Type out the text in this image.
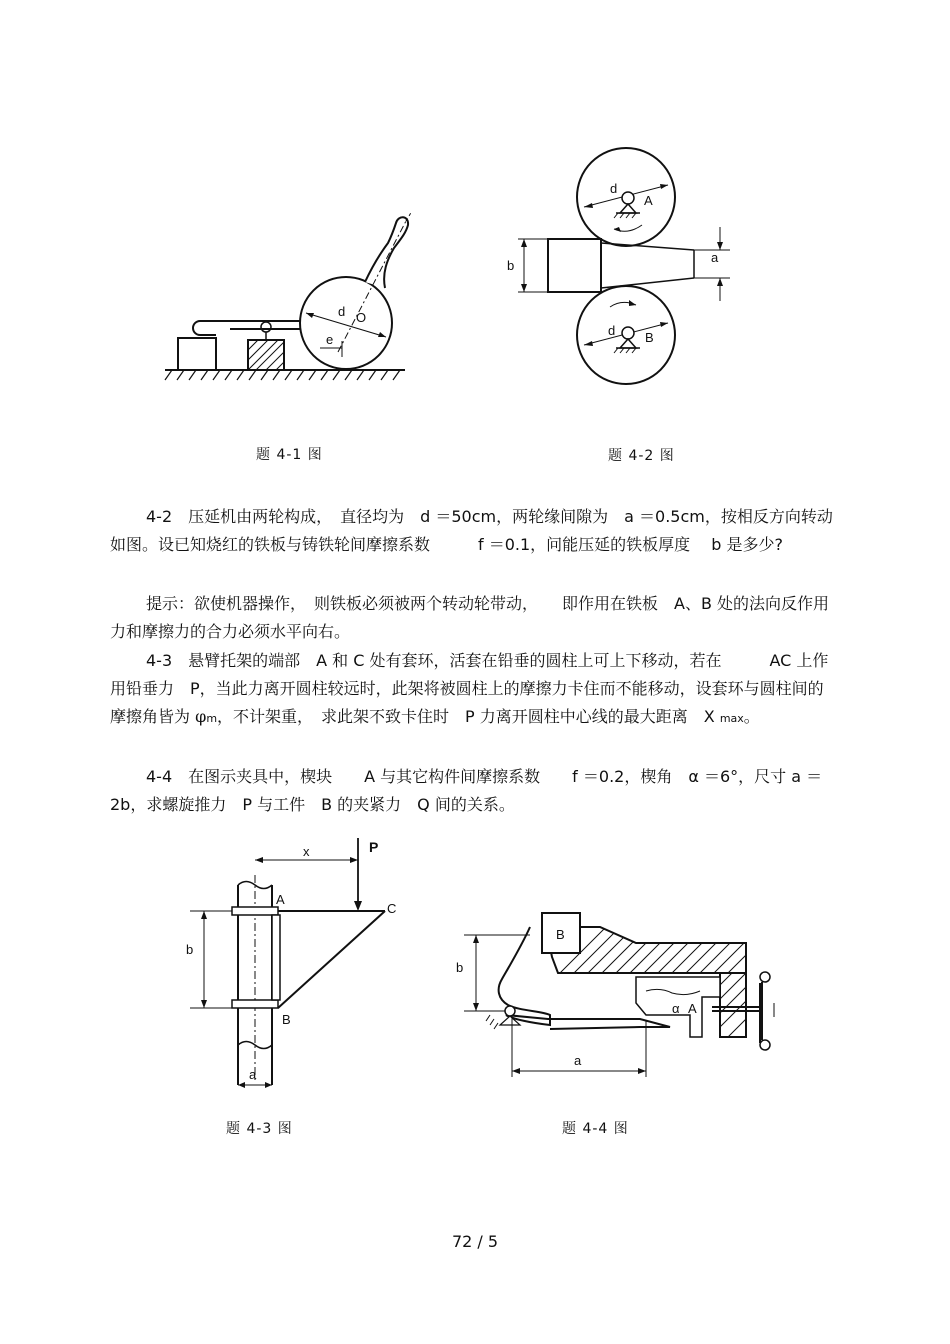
d O
e
题 4-1 图
d
A
b
a
d B
题 4-2 图
4-2　压延机由两轮构成，　直径均为　d ＝50cm，两轮缘间隙为　a ＝0.5cm，按相反方向转动如图。设已知烧红的铁板与铸铁轮间摩擦系数　　　f ＝0.1，问能压延的铁板厚度　 b 是多少?
提示：欲使机器操作，　则铁板必须被两个转动轮带动，　　即作用在铁板　A、B 处的法向反作用力和摩擦力的合力必须水平向右。
4-3　悬臂托架的端部　A 和 C 处有套环，活套在铅垂的圆柱上可上下移动，若在　　　AC 上作用铅垂力　P，当此力离开圆柱较远时，此架将被圆柱上的摩擦力卡住而不能移动，设套环与圆柱间的摩擦角皆为 φm，不计架重，　求此架不致卡住时　P 力离开圆柱中心线的最大距离　X max。
4-4　在图示夹具中，楔块　　A 与其它构件间摩擦系数　　f ＝0.2，楔角　α ＝6°，尺寸 a ＝2b，求螺旋推力　P 与工件　B 的夹紧力　Q 间的关系。
x	P
A
C
b
B
a
题 4-3 图
B
b
α A
a
题 4-4 图
72 / 5
